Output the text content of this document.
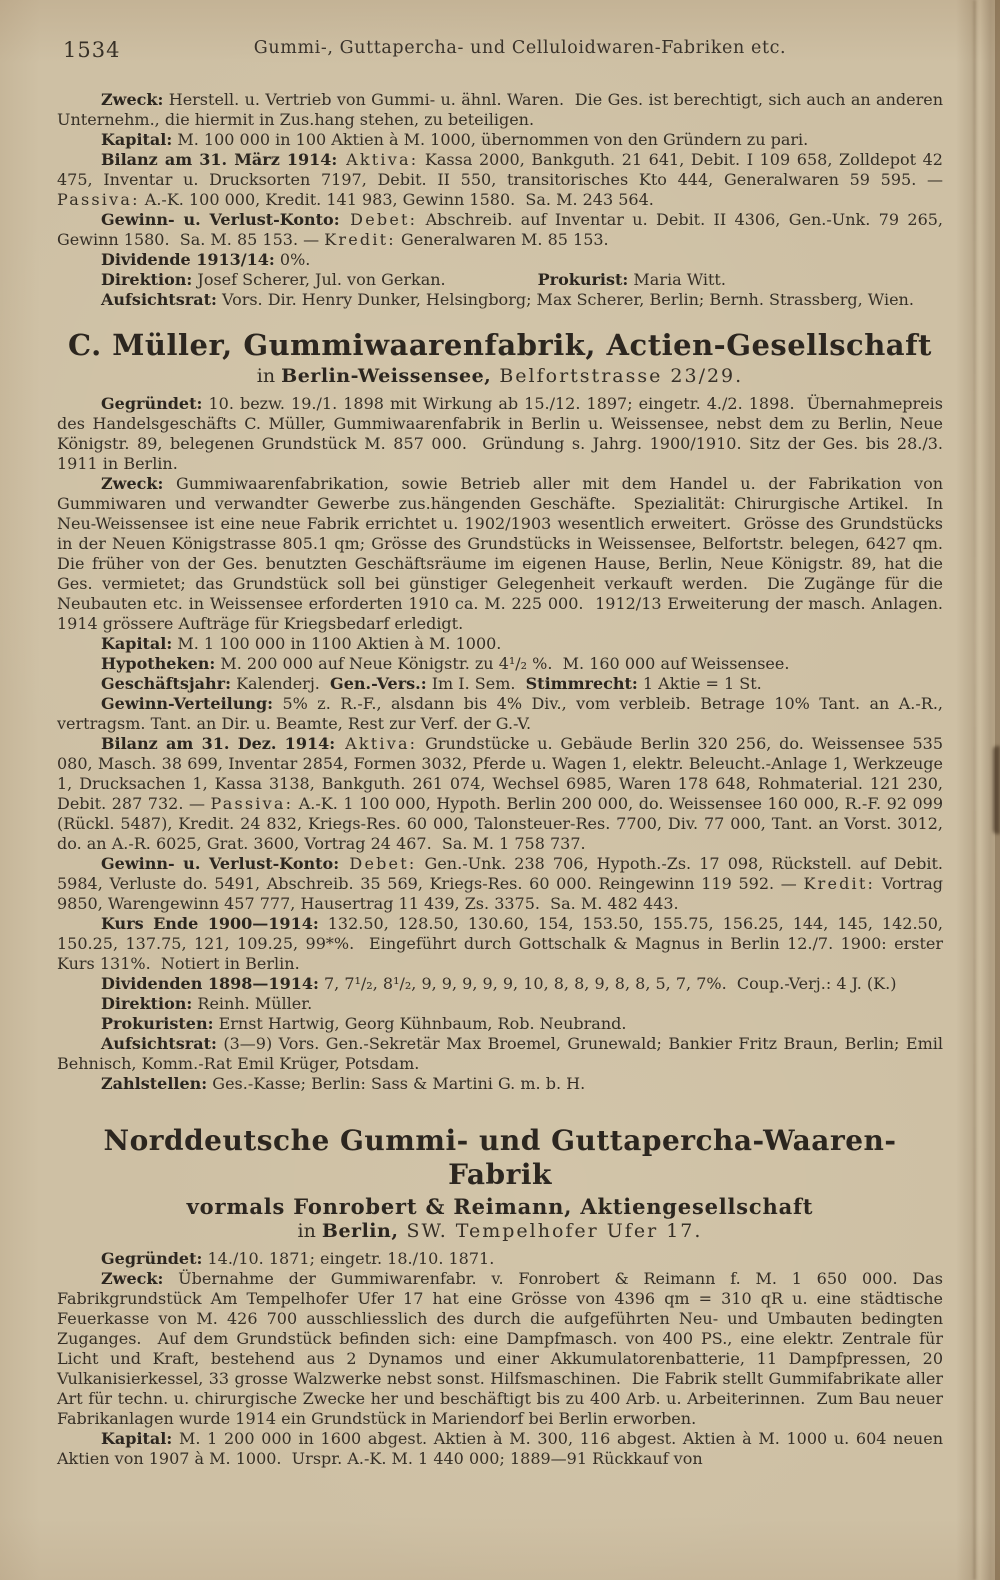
1534	Gummi-, Guttapercha- und Celluloidwaren-Fabriken etc.

Zweck: Herstell. u. Vertrieb von Gummi- u. ähnl. Waren.  Die Ges. ist berechtigt, sich auch an anderen Unternehm., die hiermit in Zus.hang stehen, zu beteiligen.

Kapital: M. 100 000 in 100 Aktien à M. 1000, übernommen von den Gründern zu pari.

Bilanz am 31. März 1914: Aktiva: Kassa 2000, Bankguth. 21 641, Debit. I 109 658, Zolldepot 42 475, Inventar u. Drucksorten 7197, Debit. II 550, transitorisches Kto 444, Generalwaren 59 595. — Passiva: A.-K. 100 000, Kredit. 141 983, Gewinn 1580.  Sa. M. 243 564.

Gewinn- u. Verlust-Konto: Debet: Abschreib. auf Inventar u. Debit. II 4306, Gen.-Unk. 79 265, Gewinn 1580.  Sa. M. 85 153. — Kredit: Generalwaren M. 85 153.

Dividende 1913/14: 0%.

Direktion: Josef Scherer, Jul. von Gerkan.	Prokurist: Maria Witt.

Aufsichtsrat: Vors. Dir. Henry Dunker, Helsingborg; Max Scherer, Berlin; Bernh. Strassberg, Wien.

C. Müller, Gummiwaarenfabrik, Actien-Gesellschaft
in Berlin-Weissensee, Belfortstrasse 23/29.

Gegründet: 10. bezw. 19./1. 1898 mit Wirkung ab 15./12. 1897; eingetr. 4./2. 1898.  Übernahmepreis des Handelsgeschäfts C. Müller, Gummiwaarenfabrik in Berlin u. Weissensee, nebst dem zu Berlin, Neue Königstr. 89, belegenen Grundstück M. 857 000.  Gründung s. Jahrg. 1900/1910. Sitz der Ges. bis 28./3. 1911 in Berlin.

Zweck: Gummiwaarenfabrikation, sowie Betrieb aller mit dem Handel u. der Fabrikation von Gummiwaren und verwandter Gewerbe zus.hängenden Geschäfte.  Spezialität: Chirurgische Artikel.  In Neu-Weissensee ist eine neue Fabrik errichtet u. 1902/1903 wesentlich erweitert.  Grösse des Grundstücks in der Neuen Königstrasse 805.1 qm; Grösse des Grundstücks in Weissensee, Belfortstr. belegen, 6427 qm.  Die früher von der Ges. benutzten Geschäftsräume im eigenen Hause, Berlin, Neue Königstr. 89, hat die Ges. vermietet; das Grundstück soll bei günstiger Gelegenheit verkauft werden.  Die Zugänge für die Neubauten etc. in Weissensee erforderten 1910 ca. M. 225 000.  1912/13 Erweiterung der masch. Anlagen.  1914 grössere Aufträge für Kriegsbedarf erledigt.

Kapital: M. 1 100 000 in 1100 Aktien à M. 1000.

Hypotheken: M. 200 000 auf Neue Königstr. zu 4¹/₂ %.  M. 160 000 auf Weissensee.

Geschäftsjahr: Kalenderj.  Gen.-Vers.: Im I. Sem.  Stimmrecht: 1 Aktie = 1 St.

Gewinn-Verteilung: 5% z. R.-F., alsdann bis 4% Div., vom verbleib. Betrage 10% Tant. an A.-R., vertragsm. Tant. an Dir. u. Beamte, Rest zur Verf. der G.-V.

Bilanz am 31. Dez. 1914: Aktiva: Grundstücke u. Gebäude Berlin 320 256, do. Weissensee 535 080, Masch. 38 699, Inventar 2854, Formen 3032, Pferde u. Wagen 1, elektr. Beleucht.-Anlage 1, Werkzeuge 1, Drucksachen 1, Kassa 3138, Bankguth. 261 074, Wechsel 6985, Waren 178 648, Rohmaterial. 121 230, Debit. 287 732. — Passiva: A.-K. 1 100 000, Hypoth. Berlin 200 000, do. Weissensee 160 000, R.-F. 92 099 (Rückl. 5487), Kredit. 24 832, Kriegs-Res. 60 000, Talonsteuer-Res. 7700, Div. 77 000, Tant. an Vorst. 3012, do. an A.-R. 6025, Grat. 3600, Vortrag 24 467.  Sa. M. 1 758 737.

Gewinn- u. Verlust-Konto: Debet: Gen.-Unk. 238 706, Hypoth.-Zs. 17 098, Rückstell. auf Debit. 5984, Verluste do. 5491, Abschreib. 35 569, Kriegs-Res. 60 000. Reingewinn 119 592. — Kredit: Vortrag 9850, Warengewinn 457 777, Hausertrag 11 439, Zs. 3375.  Sa. M. 482 443.

Kurs Ende 1900—1914: 132.50, 128.50, 130.60, 154, 153.50, 155.75, 156.25, 144, 145, 142.50, 150.25, 137.75, 121, 109.25, 99*%.  Eingeführt durch Gottschalk & Magnus in Berlin 12./7. 1900: erster Kurs 131%.  Notiert in Berlin.

Dividenden 1898—1914: 7, 7¹/₂, 8¹/₂, 9, 9, 9, 9, 9, 10, 8, 8, 9, 8, 8, 5, 7, 7%.  Coup.-Verj.: 4 J. (K.)

Direktion: Reinh. Müller.

Prokuristen: Ernst Hartwig, Georg Kühnbaum, Rob. Neubrand.

Aufsichtsrat: (3—9) Vors. Gen.-Sekretär Max Broemel, Grunewald; Bankier Fritz Braun, Berlin; Emil Behnisch, Komm.-Rat Emil Krüger, Potsdam.

Zahlstellen: Ges.-Kasse; Berlin: Sass & Martini G. m. b. H.

Norddeutsche Gummi- und Guttapercha-Waaren-Fabrik
vormals Fonrobert & Reimann, Aktiengesellschaft
in Berlin, SW. Tempelhofer Ufer 17.

Gegründet: 14./10. 1871; eingetr. 18./10. 1871.

Zweck: Übernahme der Gummiwarenfabr. v. Fonrobert & Reimann f. M. 1 650 000. Das Fabrikgrundstück Am Tempelhofer Ufer 17 hat eine Grösse von 4396 qm = 310 qR u. eine städtische Feuerkasse von M. 426 700 ausschliesslich des durch die aufgeführten Neu- und Umbauten bedingten Zuganges.  Auf dem Grundstück befinden sich: eine Dampfmasch. von 400 PS., eine elektr. Zentrale für Licht und Kraft, bestehend aus 2 Dynamos und einer Akkumulatorenbatterie, 11 Dampfpressen, 20 Vulkanisierkessel, 33 grosse Walzwerke nebst sonst. Hilfsmaschinen.  Die Fabrik stellt Gummifabrikate aller Art für techn. u. chirurgische Zwecke her und beschäftigt bis zu 400 Arb. u. Arbeiterinnen.  Zum Bau neuer Fabrikanlagen wurde 1914 ein Grundstück in Mariendorf bei Berlin erworben.

Kapital: M. 1 200 000 in 1600 abgest. Aktien à M. 300, 116 abgest. Aktien à M. 1000 u. 604 neuen Aktien von 1907 à M. 1000.  Urspr. A.-K. M. 1 440 000; 1889—91 Rückkauf von
